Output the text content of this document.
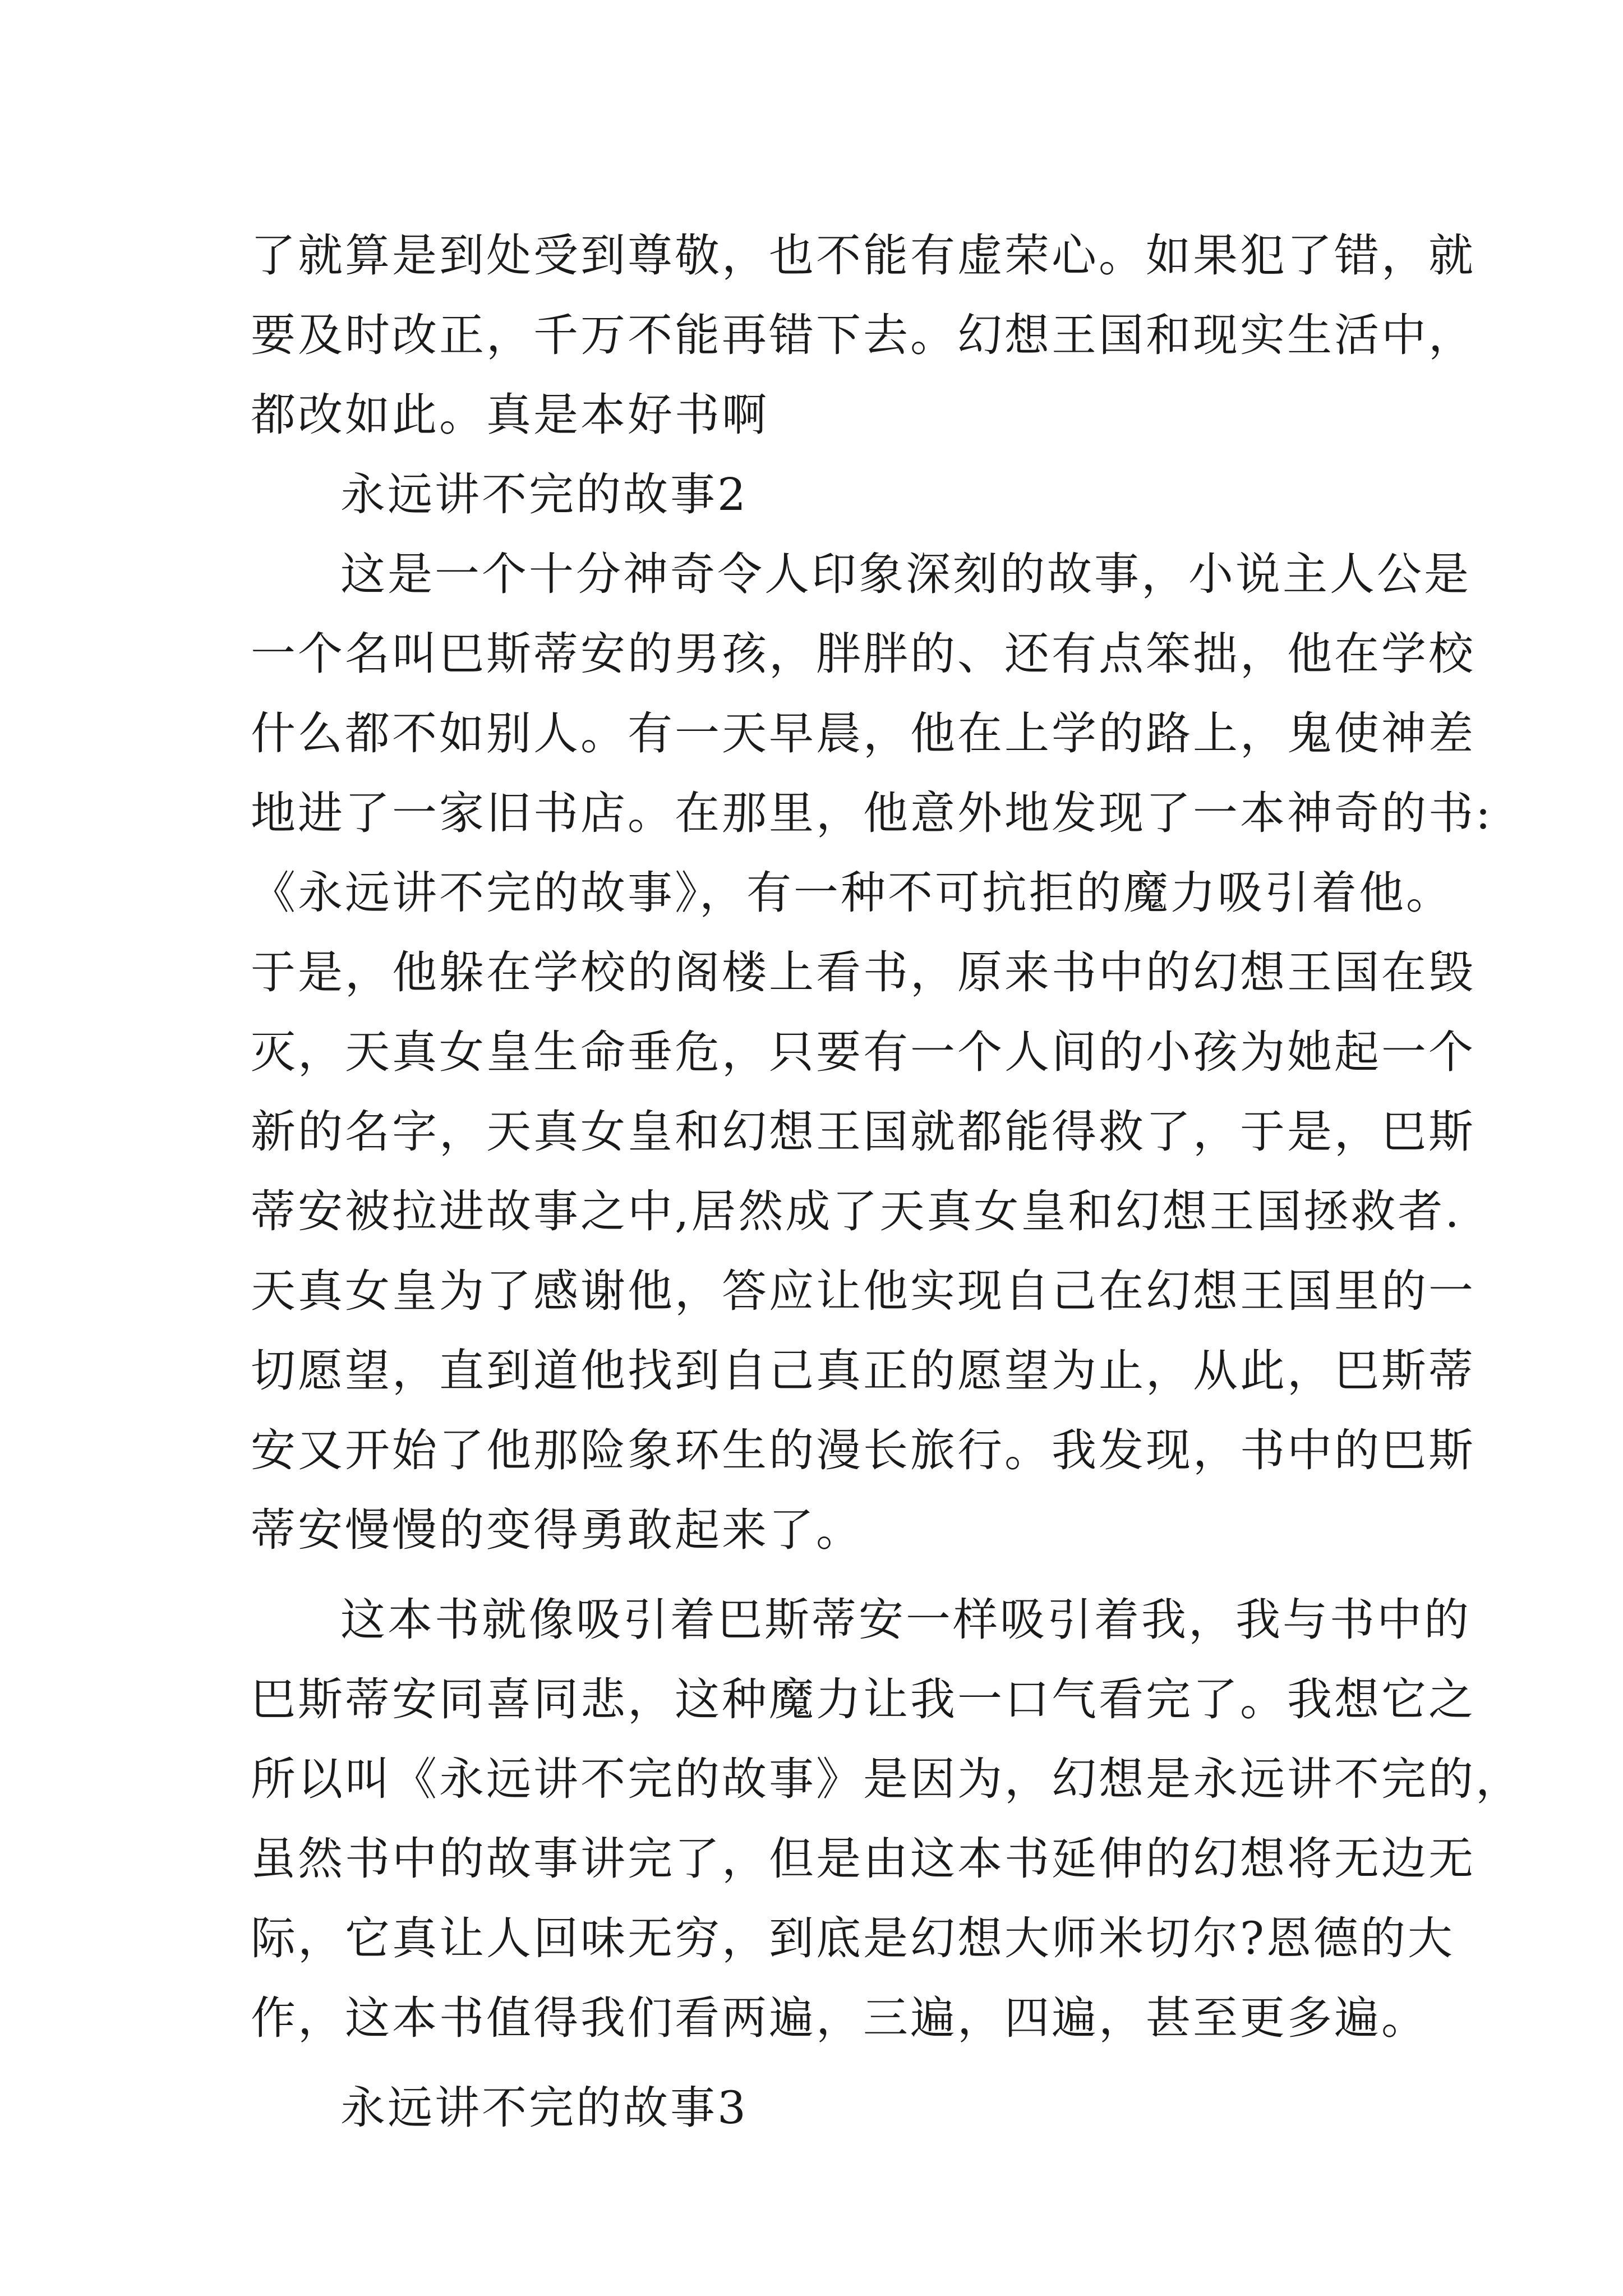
了就算是到处受到尊敬，也不能有虚荣心。如果犯了错，就
要及时改正，千万不能再错下去。幻想王国和现实生活中，
都改如此。真是本好书啊
永远讲不完的故事2
这是一个十分神奇令人印象深刻的故事，小说主人公是
一个名叫巴斯蒂安的男孩，胖胖的、还有点笨拙，他在学校
什么都不如别人。有一天早晨，他在上学的路上，鬼使神差
地进了一家旧书店。在那里，他意外地发现了一本神奇的书:
《永远讲不完的故事》，有一种不可抗拒的魔力吸引着他。
于是，他躲在学校的阁楼上看书，原来书中的幻想王国在毁
灭，天真女皇生命垂危，只要有一个人间的小孩为她起一个
新的名字，天真女皇和幻想王国就都能得救了，于是，巴斯
蒂安被拉进故事之中,居然成了天真女皇和幻想王国拯救者.
天真女皇为了感谢他，答应让他实现自己在幻想王国里的一
切愿望，直到道他找到自己真正的愿望为止，从此，巴斯蒂
安又开始了他那险象环生的漫长旅行。我发现，书中的巴斯
蒂安慢慢的变得勇敢起来了。
这本书就像吸引着巴斯蒂安一样吸引着我，我与书中的
巴斯蒂安同喜同悲，这种魔力让我一口气看完了。我想它之
所以叫《永远讲不完的故事》是因为，幻想是永远讲不完的，
虽然书中的故事讲完了，但是由这本书延伸的幻想将无边无
际，它真让人回味无穷，到底是幻想大师米切尔?恩德的大
作，这本书值得我们看两遍，三遍，四遍，甚至更多遍。
永远讲不完的故事3
